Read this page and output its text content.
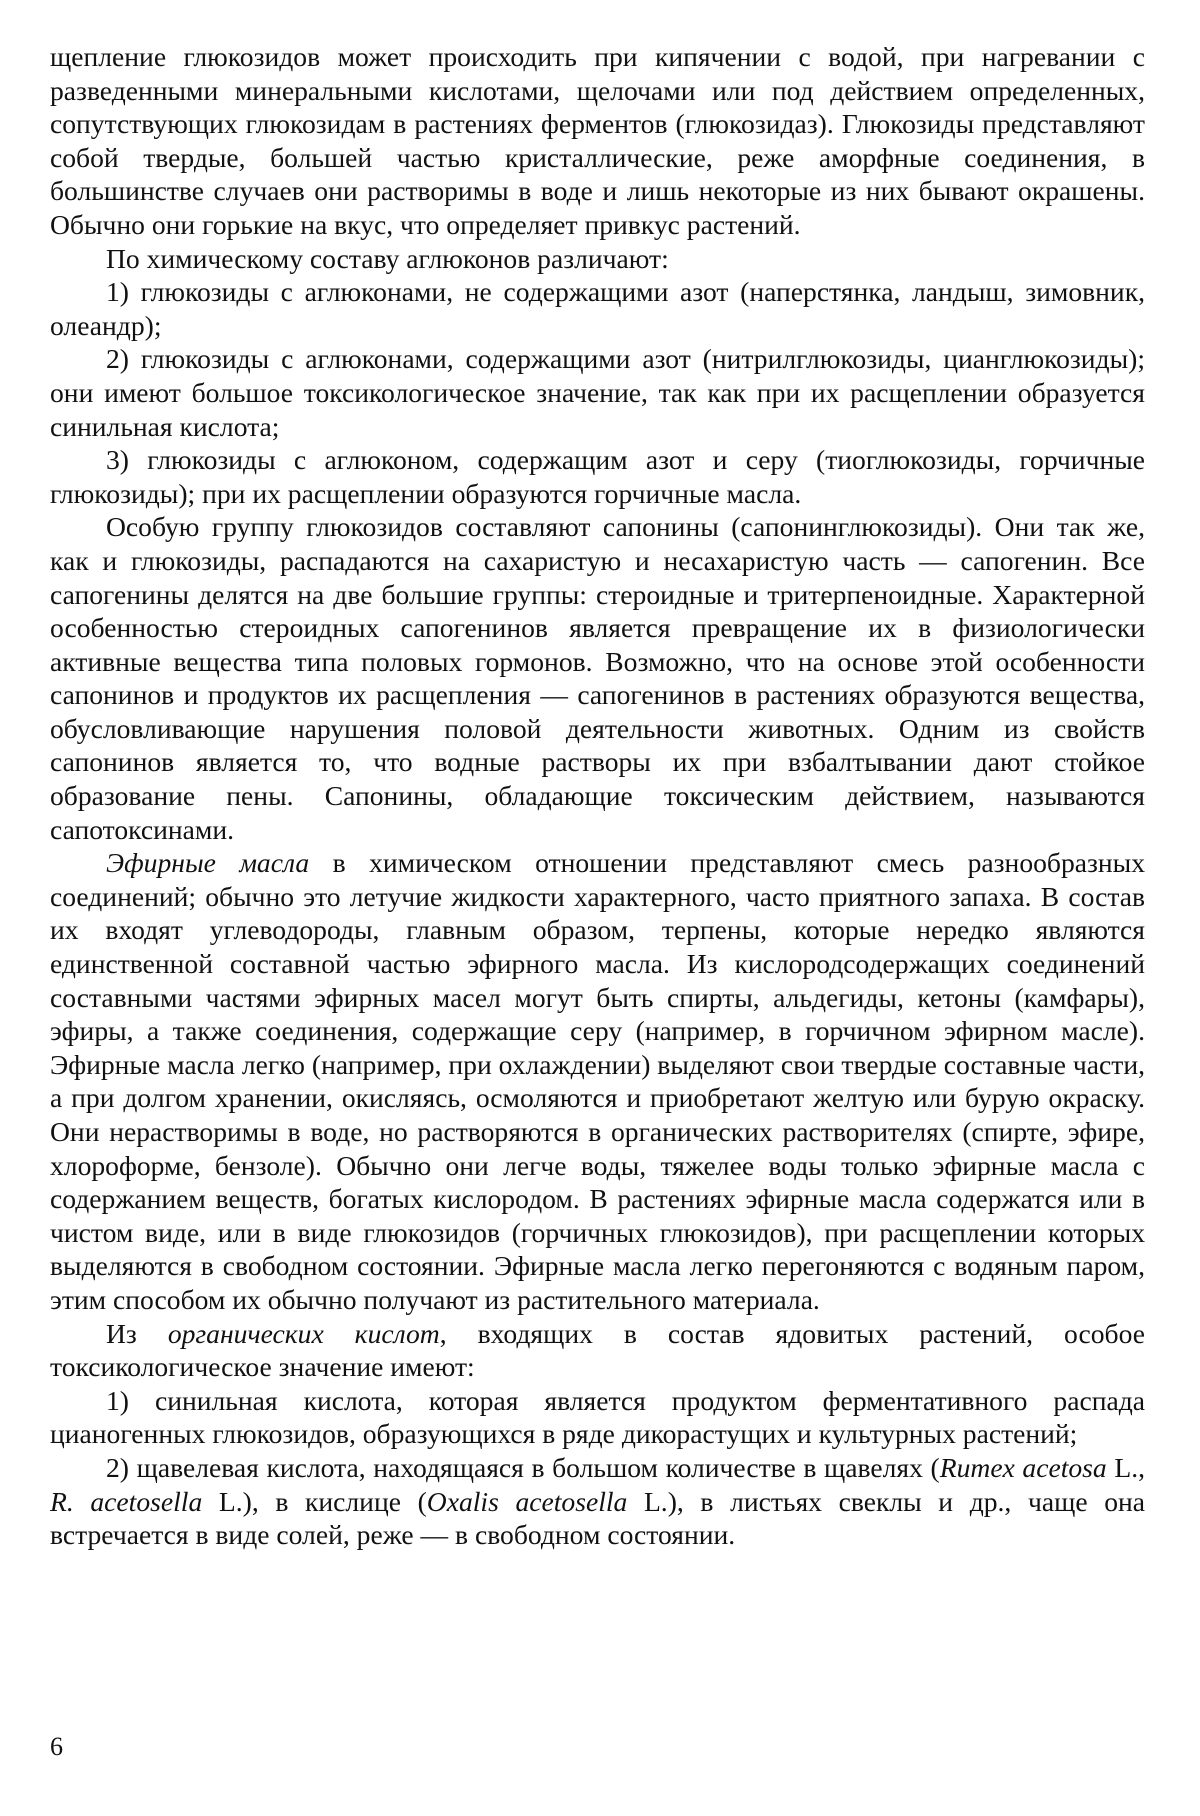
щепление глюкозидов может происходить при кипячении с водой, при нагревании с разведенными минеральными кислотами, щелочами или под действием определенных, сопутствующих глюкозидам в растениях ферментов (глюкозидаз). Глюкозиды представляют собой твердые, большей частью кристаллические, реже аморфные соединения, в большинстве случаев они растворимы в воде и лишь некоторые из них бывают окрашены. Обычно они горькие на вкус, что определяет привкус растений.

По химическому составу аглюконов различают:

1) глюкозиды с аглюконами, не содержащими азот (наперстянка, ландыш, зимовник, олеандр);

2) глюкозиды с аглюконами, содержащими азот (нитрилглюкозиды, цианглюкозиды); они имеют большое токсикологическое значение, так как при их расщеплении образуется синильная кислота;

3) глюкозиды с аглюконом, содержащим азот и серу (тиоглюкозиды, горчичные глюкозиды); при их расщеплении образуются горчичные масла.

Особую группу глюкозидов составляют сапонины (сапонинглюкозиды). Они так же, как и глюкозиды, распадаются на сахаристую и несахаристую часть — сапогенин. Все сапогенины делятся на две большие группы: стероидные и тритерпеноидные. Характерной особенностью стероидных сапогенинов является превращение их в физиологически активные вещества типа половых гормонов. Возможно, что на основе этой особенности сапонинов и продуктов их расщепления — сапогенинов в растениях образуются вещества, обусловливающие нарушения половой деятельности животных. Одним из свойств сапонинов является то, что водные растворы их при взбалтывании дают стойкое образование пены. Сапонины, обладающие токсическим действием, называются сапотоксинами.

Эфирные масла в химическом отношении представляют смесь разнообразных соединений; обычно это летучие жидкости характерного, часто приятного запаха. В состав их входят углеводороды, главным образом, терпены, которые нередко являются единственной составной частью эфирного масла. Из кислородсодержащих соединений составными частями эфирных масел могут быть спирты, альдегиды, кетоны (камфары), эфиры, а также соединения, содержащие серу (например, в горчичном эфирном масле). Эфирные масла легко (например, при охлаждении) выделяют свои твердые составные части, а при долгом хранении, окисляясь, осмоляются и приобретают желтую или бурую окраску. Они нерастворимы в воде, но растворяются в органических растворителях (спирте, эфире, хлороформе, бензоле). Обычно они легче воды, тяжелее воды только эфирные масла с содержанием веществ, богатых кислородом. В растениях эфирные масла содержатся или в чистом виде, или в виде глюкозидов (горчичных глюкозидов), при расщеплении которых выделяются в свободном состоянии. Эфирные масла легко перегоняются с водяным паром, этим способом их обычно получают из растительного материала.

Из органических кислот, входящих в состав ядовитых растений, особое токсикологическое значение имеют:

1) синильная кислота, которая является продуктом ферментативного распада цианогенных глюкозидов, образующихся в ряде дикорастущих и культурных растений;

2) щавелевая кислота, находящаяся в большом количестве в щавелях (Rumex acetosa L., R. acetosella L.), в кислице (Oxalis acetosella L.), в листьях свеклы и др., чаще она встречается в виде солей, реже — в свободном состоянии.

6
